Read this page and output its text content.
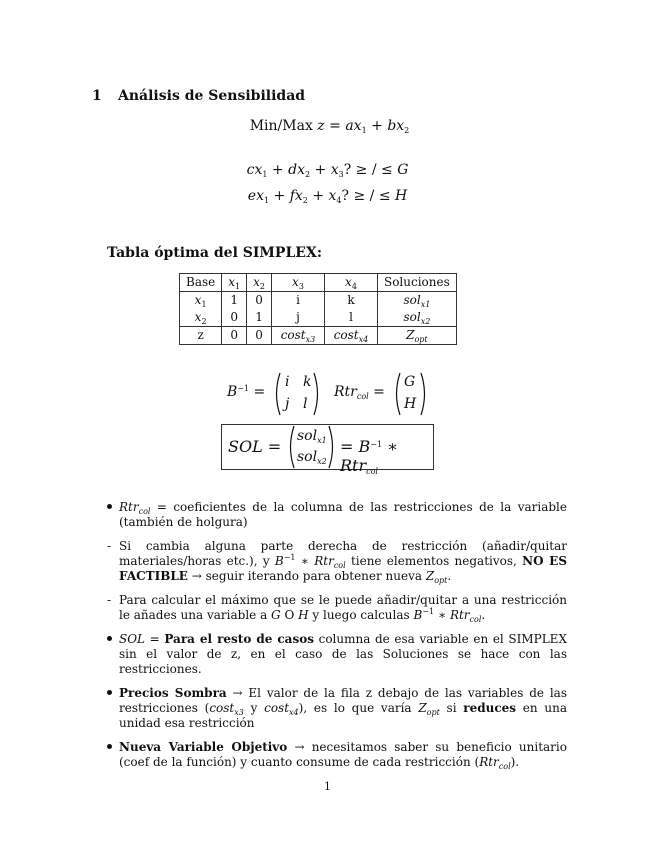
1 Análisis de Sensibilidad
Min/Max $z = ax_1 + bx_2$
$cx_1 + dx_2 + x_3$? ≥ / ≤ G
$ex_1 + fx_2 + x_4$? ≥ / ≤ H
Tabla óptima del SIMPLEX:
Base	$x_1$	$x_2$	$x_3$	$x_4$	Soluciones
$x_1$	1	0	i	k	sol$_{x1}$
$x_2$	0	1	j	l	sol$_{x2}$
z	0	0	cost$_{x3}$	cost$_{x4}$	$Z_{opt}$
$B^{-1}$ =
i k
j l
Rtr$_{col}$ =
G
H
SOL =
sol$_{x1}$
sol$_{x2}$
= $B^{-1}$ ∗ Rtr$_{col}$
Rtr$_{col}$ = coeficientes de la columna de las restricciones de la variable (también de holgura)
- Si cambia alguna parte derecha de restricción (añadir/quitar materiales/horas etc.), y $B^{-1}$ ∗ Rtr$_{col}$ tiene elementos negativos, NO ES FACTIBLE → seguir iterando para obtener nueva $Z_{opt}$.
- Para calcular el máximo que se le puede añadir/quitar a una restricción le añades una variable a G O H y luego calculas $B^{-1}$ ∗ Rtr$_{col}$.
SOL = Para el resto de casos columna de esa variable en el SIMPLEX sin el valor de z, en el caso de las Soluciones se hace con las restricciones.
Precios Sombra → El valor de la fila z debajo de las variables de las restricciones (cost$_{x3}$ y cost$_{x4}$), es lo que varía $Z_{opt}$ si reduces en una unidad esa restricción
Nueva Variable Objetivo → necesitamos saber su beneficio unitario (coef de la función) y cuanto consume de cada restricción (Rtr$_{col}$).
1
